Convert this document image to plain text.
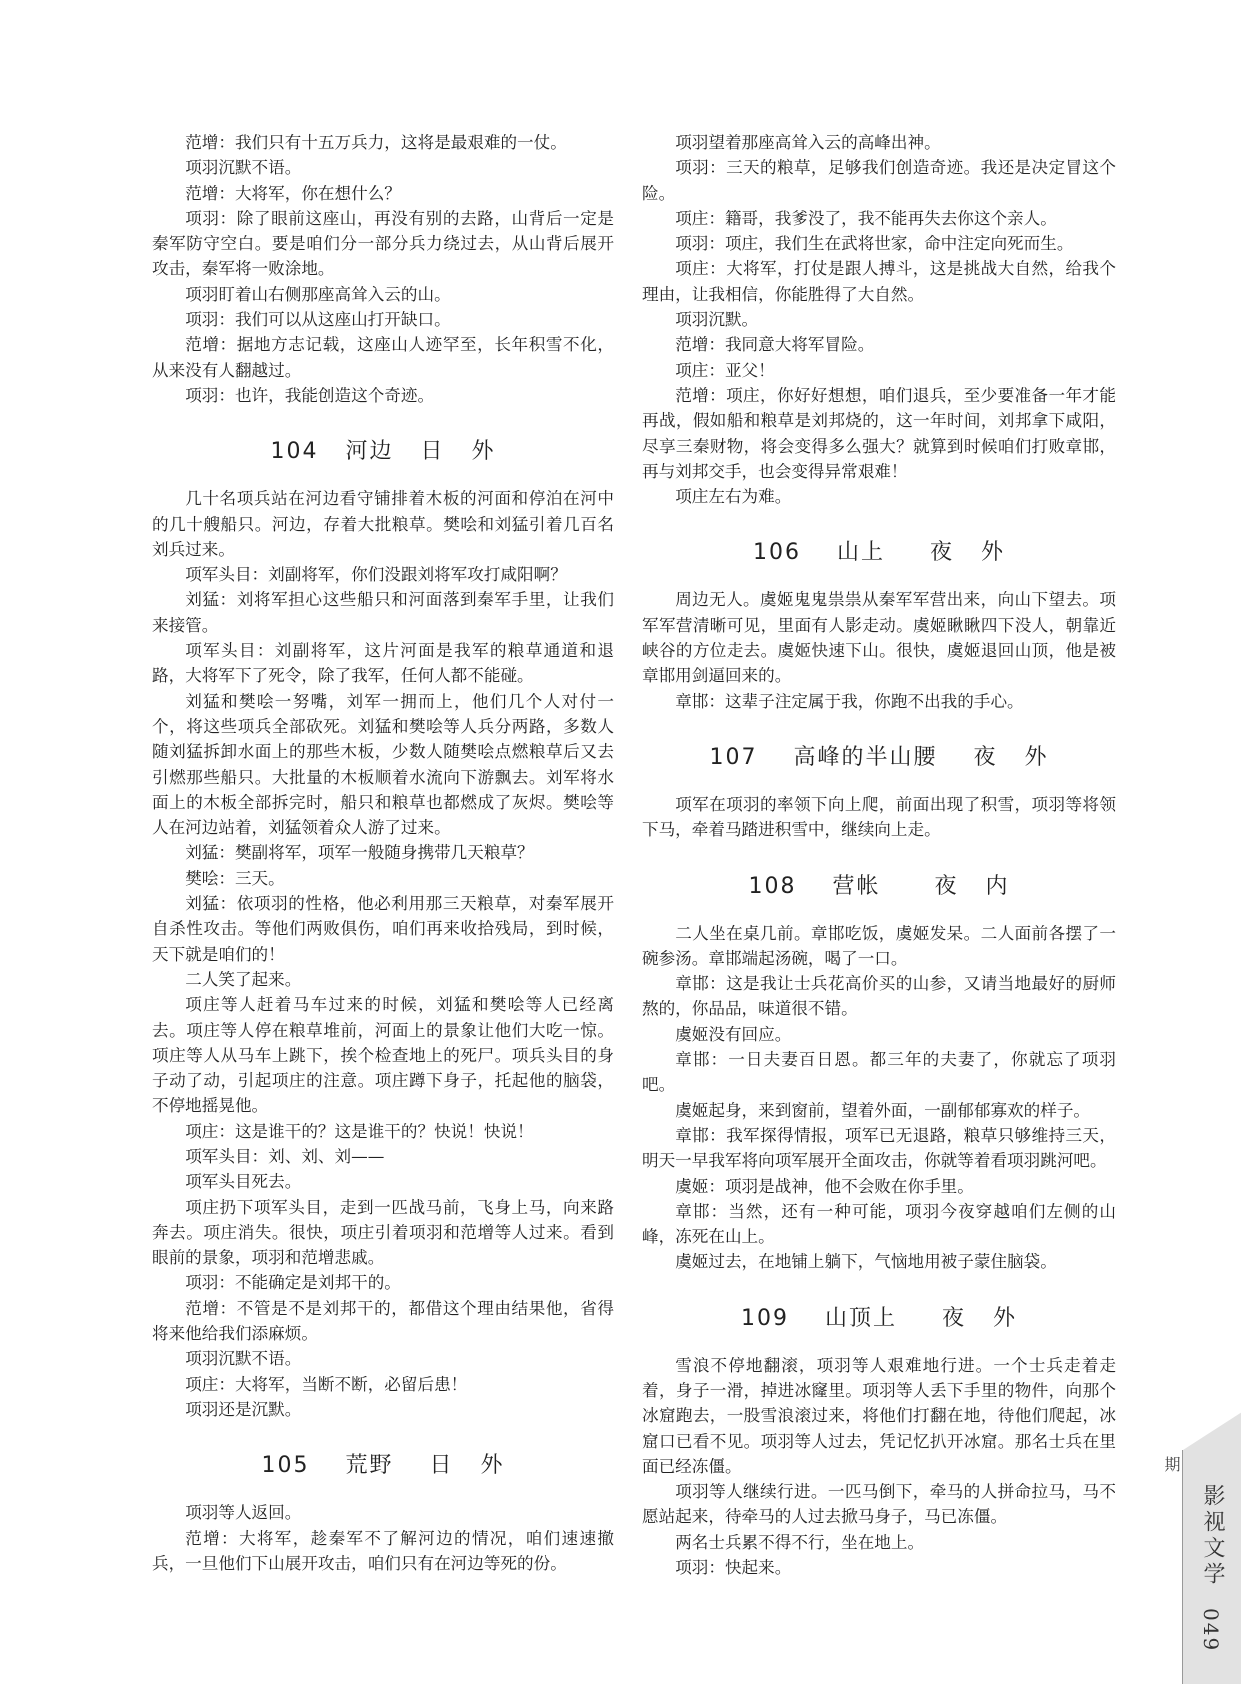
范增：我们只有十五万兵力，这将是最艰难的一仗。

项羽沉默不语。

范增：大将军，你在想什么？

项羽：除了眼前这座山，再没有别的去路，山背后一定是秦军防守空白。要是咱们分一部分兵力绕过去，从山背后展开攻击，秦军将一败涂地。

项羽盯着山右侧那座高耸入云的山。

项羽：我们可以从这座山打开缺口。

范增：据地方志记载，这座山人迹罕至，长年积雪不化，从来没有人翻越过。

项羽：也许，我能创造这个奇迹。

104   河边   日   外

几十名项兵站在河边看守铺排着木板的河面和停泊在河中的几十艘船只。河边，存着大批粮草。樊哙和刘猛引着几百名刘兵过来。

项军头目：刘副将军，你们没跟刘将军攻打咸阳啊？

刘猛：刘将军担心这些船只和河面落到秦军手里，让我们来接管。

项军头目：刘副将军，这片河面是我军的粮草通道和退路，大将军下了死令，除了我军，任何人都不能碰。

刘猛和樊哙一努嘴，刘军一拥而上，他们几个人对付一个，将这些项兵全部砍死。刘猛和樊哙等人兵分两路，多数人随刘猛拆卸水面上的那些木板，少数人随樊哙点燃粮草后又去引燃那些船只。大批量的木板顺着水流向下游飘去。刘军将水面上的木板全部拆完时，船只和粮草也都燃成了灰烬。樊哙等人在河边站着，刘猛领着众人游了过来。

刘猛：樊副将军，项军一般随身携带几天粮草？

樊哙：三天。

刘猛：依项羽的性格，他必利用那三天粮草，对秦军展开自杀性攻击。等他们两败俱伤，咱们再来收拾残局，到时候，天下就是咱们的！

二人笑了起来。

项庄等人赶着马车过来的时候，刘猛和樊哙等人已经离去。项庄等人停在粮草堆前，河面上的景象让他们大吃一惊。项庄等人从马车上跳下，挨个检查地上的死尸。项兵头目的身子动了动，引起项庄的注意。项庄蹲下身子，托起他的脑袋，不停地摇晃他。

项庄：这是谁干的？这是谁干的？快说！快说！

项军头目：刘、刘、刘——

项军头目死去。

项庄扔下项军头目，走到一匹战马前，飞身上马，向来路奔去。项庄消失。很快，项庄引着项羽和范增等人过来。看到眼前的景象，项羽和范增悲戚。

项羽：不能确定是刘邦干的。

范增：不管是不是刘邦干的，都借这个理由结果他，省得将来他给我们添麻烦。

项羽沉默不语。

项庄：大将军，当断不断，必留后患！

项羽还是沉默。

105    荒野    日   外

项羽等人返回。

范增：大将军，趁秦军不了解河边的情况，咱们速速撤兵，一旦他们下山展开攻击，咱们只有在河边等死的份。

项羽望着那座高耸入云的高峰出神。

项羽：三天的粮草，足够我们创造奇迹。我还是决定冒这个险。

项庄：籍哥，我爹没了，我不能再失去你这个亲人。

项羽：项庄，我们生在武将世家，命中注定向死而生。

项庄：大将军，打仗是跟人搏斗，这是挑战大自然，给我个理由，让我相信，你能胜得了大自然。

项羽沉默。

范增：我同意大将军冒险。

项庄：亚父！

范增：项庄，你好好想想，咱们退兵，至少要准备一年才能再战，假如船和粮草是刘邦烧的，这一年时间，刘邦拿下咸阳，尽享三秦财物，将会变得多么强大？就算到时候咱们打败章邯，再与刘邦交手，也会变得异常艰难！

项庄左右为难。

106    山上     夜   外

周边无人。虞姬鬼鬼祟祟从秦军军营出来，向山下望去。项军军营清晰可见，里面有人影走动。虞姬瞅瞅四下没人，朝靠近峡谷的方位走去。虞姬快速下山。很快，虞姬退回山顶，他是被章邯用剑逼回来的。

章邯：这辈子注定属于我，你跑不出我的手心。

107    高峰的半山腰    夜   外

项军在项羽的率领下向上爬，前面出现了积雪，项羽等将领下马，牵着马踏进积雪中，继续向上走。

108    营帐      夜   内

二人坐在桌几前。章邯吃饭，虞姬发呆。二人面前各摆了一碗参汤。章邯端起汤碗，喝了一口。

章邯：这是我让士兵花高价买的山参，又请当地最好的厨师熬的，你品品，味道很不错。

虞姬没有回应。

章邯：一日夫妻百日恩。都三年的夫妻了，你就忘了项羽吧。

虞姬起身，来到窗前，望着外面，一副郁郁寡欢的样子。

章邯：我军探得情报，项军已无退路，粮草只够维持三天，明天一早我军将向项军展开全面攻击，你就等着看项羽跳河吧。

虞姬：项羽是战神，他不会败在你手里。

章邯：当然，还有一种可能，项羽今夜穿越咱们左侧的山峰，冻死在山上。

虞姬过去，在地铺上躺下，气恼地用被子蒙住脑袋。

109    山顶上     夜   外

雪浪不停地翻滚，项羽等人艰难地行进。一个士兵走着走着，身子一滑，掉进冰窿里。项羽等人丢下手里的物件，向那个冰窟跑去，一股雪浪滚过来，将他们打翻在地，待他们爬起，冰窟口已看不见。项羽等人过去，凭记忆扒开冰窟。那名士兵在里面已经冻僵。

项羽等人继续行进。一匹马倒下，牵马的人拼命拉马，马不愿站起来，待牵马的人过去掀马身子，马已冻僵。

两名士兵累不得不行，坐在地上。

项羽：快起来。

期
影视文学
049
